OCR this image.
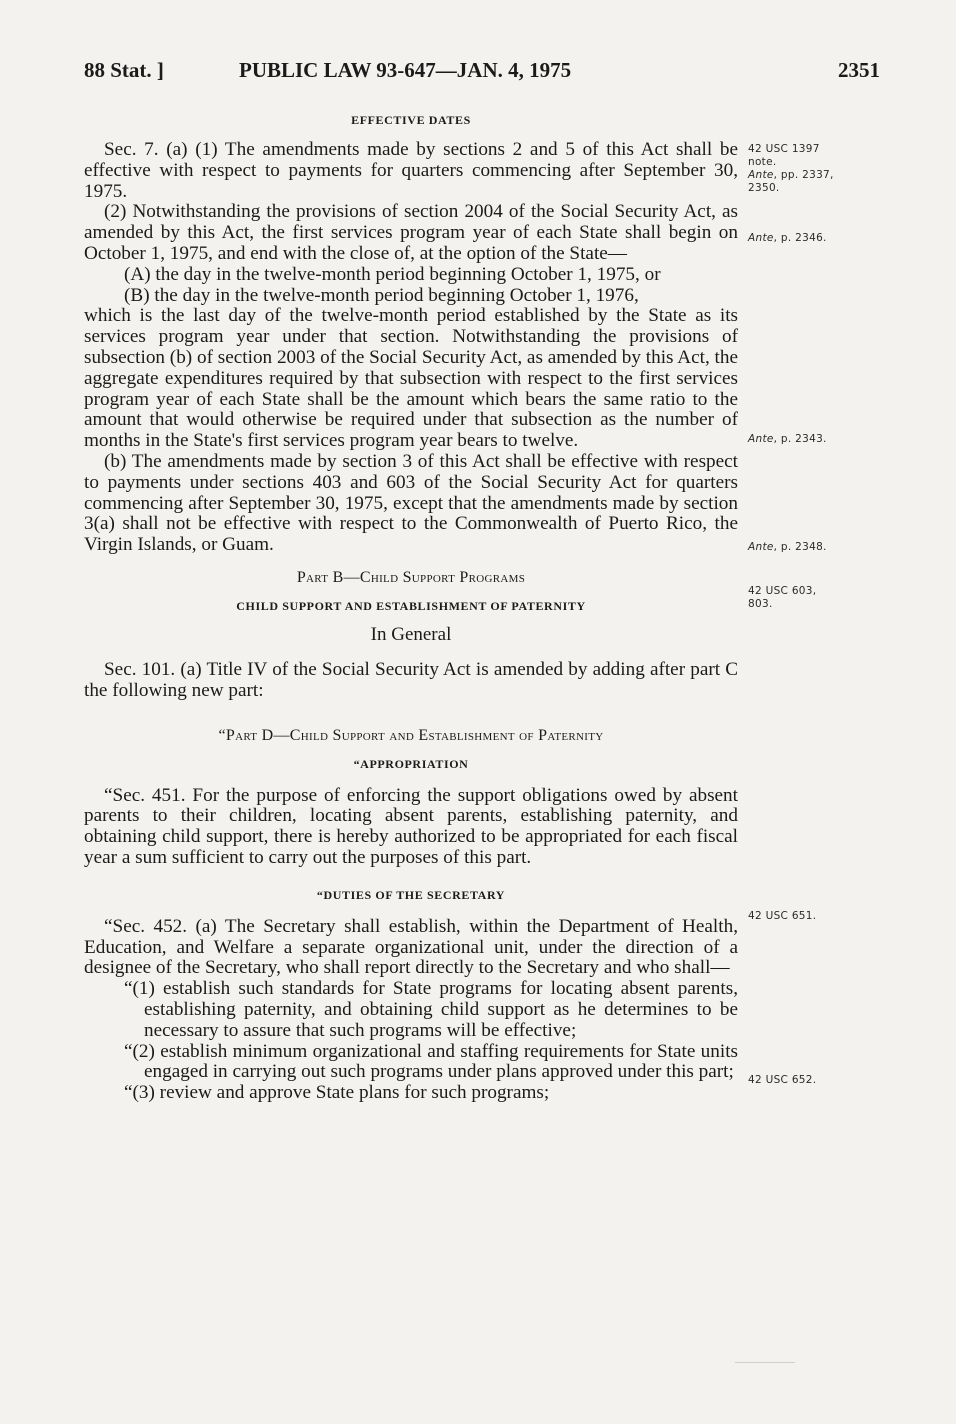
88 Stat. ]	PUBLIC LAW 93-647—JAN. 4, 1975	2351
EFFECTIVE DATES

Sec. 7. (a) (1) The amendments made by sections 2 and 5 of this Act shall be effective with respect to payments for quarters commencing after September 30, 1975.

(2) Notwithstanding the provisions of section 2004 of the Social Security Act, as amended by this Act, the first services program year of each State shall begin on October 1, 1975, and end with the close of, at the option of the State—

(A) the day in the twelve-month period beginning October 1, 1975, or

(B) the day in the twelve-month period beginning October 1, 1976,

which is the last day of the twelve-month period established by the State as its services program year under that section. Notwithstanding the provisions of subsection (b) of section 2003 of the Social Security Act, as amended by this Act, the aggregate expenditures required by that subsection with respect to the first services program year of each State shall be the amount which bears the same ratio to the amount that would otherwise be required under that subsection as the number of months in the State's first services program year bears to twelve.

(b) The amendments made by section 3 of this Act shall be effective with respect to payments under sections 403 and 603 of the Social Security Act for quarters commencing after September 30, 1975, except that the amendments made by section 3(a) shall not be effective with respect to the Commonwealth of Puerto Rico, the Virgin Islands, or Guam.

Part B—Child Support Programs
CHILD SUPPORT AND ESTABLISHMENT OF PATERNITY
In General

Sec. 101. (a) Title IV of the Social Security Act is amended by adding after part C the following new part:

“Part D—Child Support and Establishment of Paternity
“APPROPRIATION

“Sec. 451. For the purpose of enforcing the support obligations owed by absent parents to their children, locating absent parents, establishing paternity, and obtaining child support, there is hereby authorized to be appropriated for each fiscal year a sum sufficient to carry out the purposes of this part.

“DUTIES OF THE SECRETARY

“Sec. 452. (a) The Secretary shall establish, within the Department of Health, Education, and Welfare a separate organizational unit, under the direction of a designee of the Secretary, who shall report directly to the Secretary and who shall—

“(1) establish such standards for State programs for locating absent parents, establishing paternity, and obtaining child support as he determines to be necessary to assure that such programs will be effective;

“(2) establish minimum organizational and staffing requirements for State units engaged in carrying out such programs under plans approved under this part;

“(3) review and approve State plans for such programs;

42 USC 1397
note.
Ante, pp. 2337,
2350.
Ante, p. 2346.
Ante, p. 2343.
Ante, p. 2348.
42 USC 603,
803.
42 USC 651.
42 USC 652.
